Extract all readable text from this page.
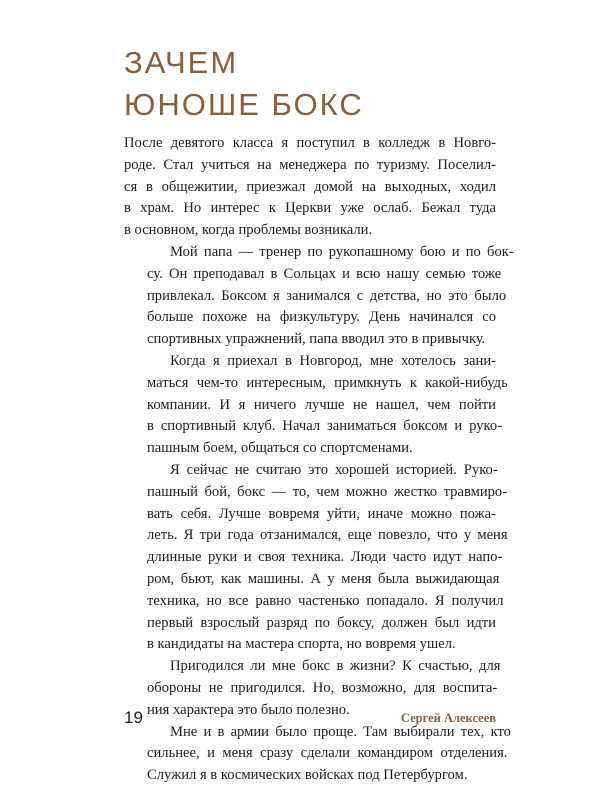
ЗАЧЕМ
ЮНОШЕ БОКС

После девятого класса я поступил в колледж в Новго-
роде. Стал учиться на менеджера по туризму. Поселил-
ся в общежитии, приезжал домой на выходных, ходил
в храм. Но интерес к Церкви уже ослаб. Бежал туда
в основном, когда проблемы возникали.

Мой папа — тренер по рукопашному бою и по бок-
су. Он преподавал в Сольцах и всю нашу семью тоже
привлекал. Боксом я занимался с детства, но это было
больше похоже на физкультуру. День начинался со
спортивных упражнений, папа вводил это в привычку.

Когда я приехал в Новгород, мне хотелось зани-
маться чем-то интересным, примкнуть к какой-нибудь
компании. И я ничего лучше не нашел, чем пойти
в спортивный клуб. Начал заниматься боксом и руко-
пашным боем, общаться со спортсменами.

Я сейчас не считаю это хорошей историей. Руко-
пашный бой, бокс — то, чем можно жестко травмиро-
вать себя. Лучше вовремя уйти, иначе можно пожа-
леть. Я три года отзанимался, еще повезло, что у меня
длинные руки и своя техника. Люди часто идут напо-
ром, бьют, как машины. А у меня была выжидающая
техника, но все равно частенько попадало. Я получил
первый взрослый разряд по боксу, должен был идти
в кандидаты на мастера спорта, но вовремя ушел.

Пригодился ли мне бокс в жизни? К счастью, для
обороны не пригодился. Но, возможно, для воспита-
ния характера это было полезно.

Мне и в армии было проще. Там выбирали тех, кто
сильнее, и меня сразу сделали командиром отделения.
Служил я в космических войсках под Петербургом.

19	Сергей Алексеев
